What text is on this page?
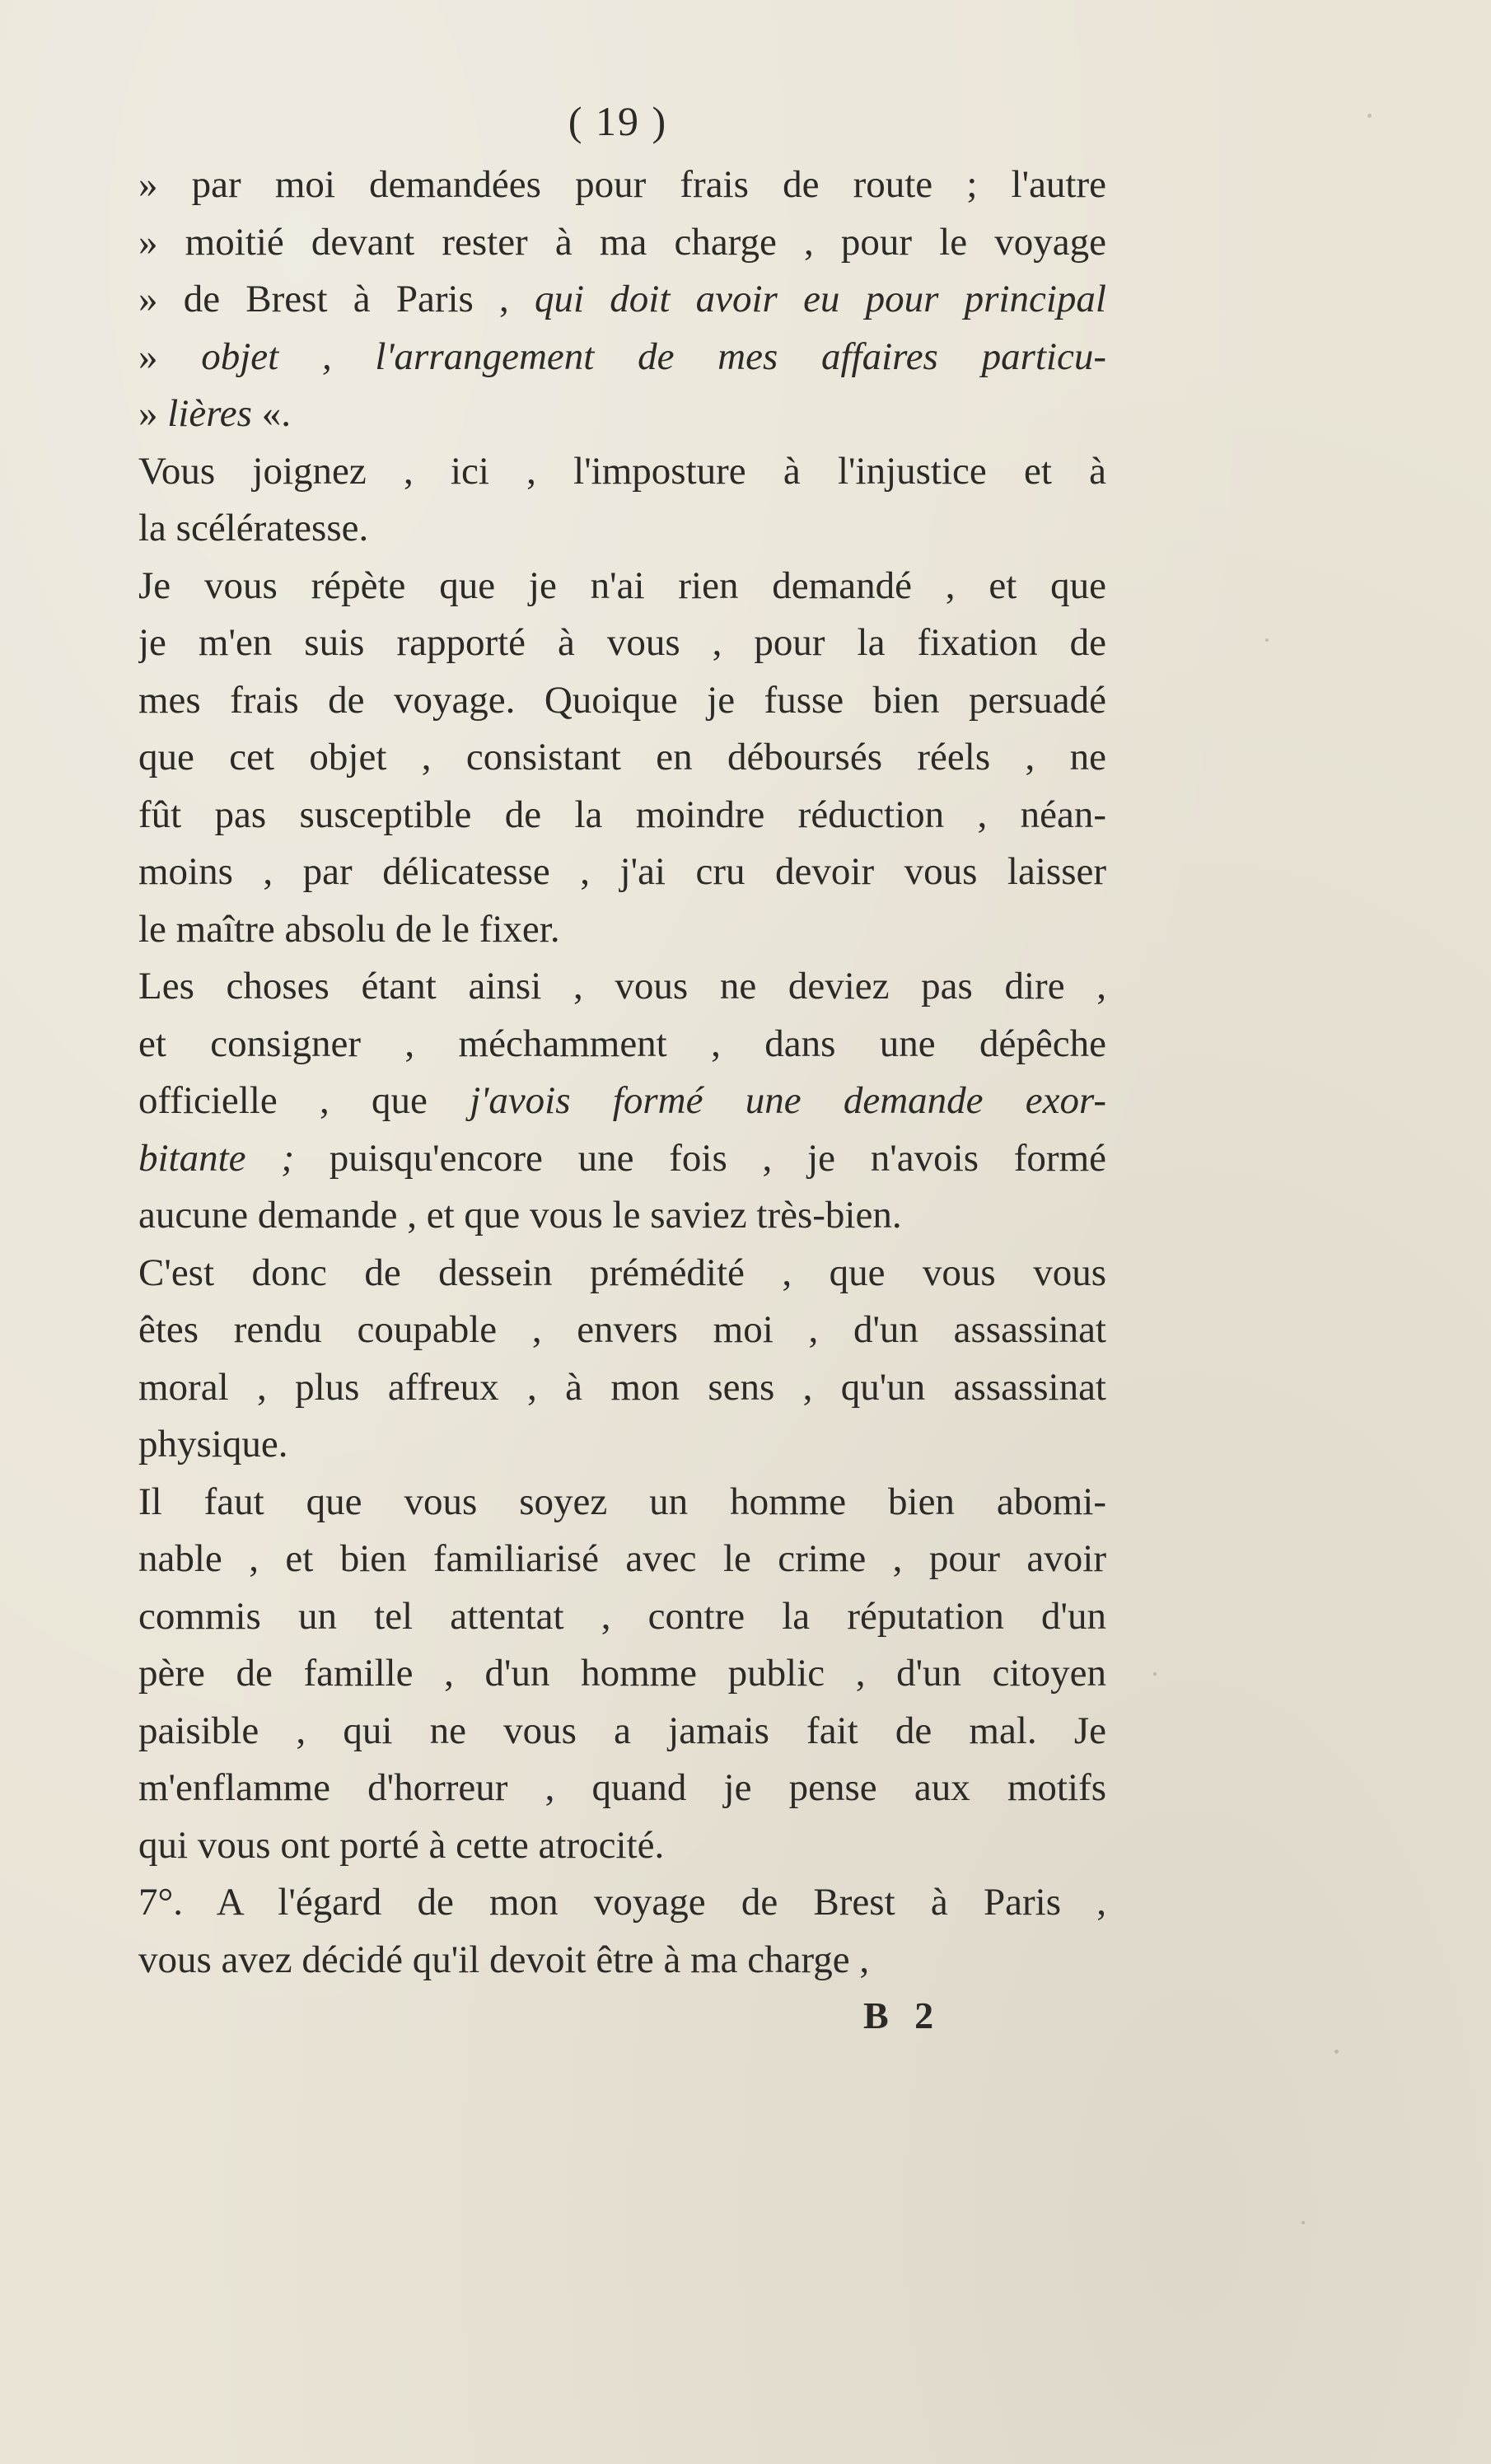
( 19 )
» par moi demandées pour frais de route ; l'autre
» moitié devant rester à ma charge , pour le voyage
» de Brest à Paris , qui doit avoir eu pour principal
» objet , l'arrangement de mes affaires particu-
» lières «.
Vous joignez , ici , l'imposture à l'injustice et à
la scélératesse.
Je vous répète que je n'ai rien demandé , et que
je m'en suis rapporté à vous , pour la fixation de
mes frais de voyage. Quoique je fusse bien persuadé
que cet objet , consistant en déboursés réels , ne
fût pas susceptible de la moindre réduction , néan-
moins , par délicatesse , j'ai cru devoir vous laisser
le maître absolu de le fixer.
Les choses étant ainsi , vous ne deviez pas dire ,
et consigner , méchamment , dans une dépêche
officielle , que j'avois formé une demande exor-
bitante ; puisqu'encore une fois , je n'avois formé
aucune demande , et que vous le saviez très-bien.
C'est donc de dessein prémédité , que vous vous
êtes rendu coupable , envers moi , d'un assassinat
moral , plus affreux , à mon sens , qu'un assassinat
physique.
Il faut que vous soyez un homme bien abomi-
nable , et bien familiarisé avec le crime , pour avoir
commis un tel attentat , contre la réputation d'un
père de famille , d'un homme public , d'un citoyen
paisible , qui ne vous a jamais fait de mal. Je
m'enflamme d'horreur , quand je pense aux motifs
qui vous ont porté à cette atrocité.
7°. A l'égard de mon voyage de Brest à Paris ,
vous avez décidé qu'il devoit être à ma charge ,
B 2
